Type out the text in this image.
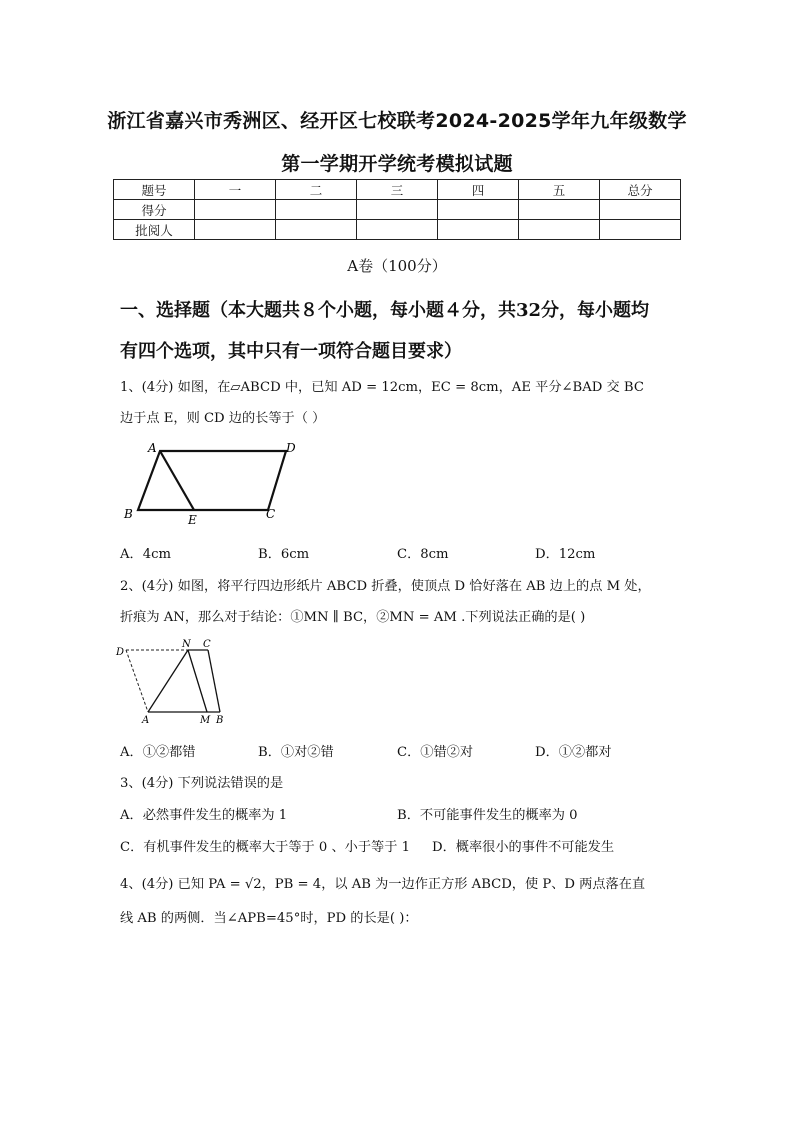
浙江省嘉兴市秀洲区、经开区七校联考2024-2025学年九年级数学
第一学期开学统考模拟试题
题号	一	二	三	四	五	总分
得分						
批阅人						
A卷（100分）
一、选择题（本大题共８个小题，每小题４分，共32分，每小题均
有四个选项，其中只有一项符合题目要求）
1、(4分) 如图，在▱ABCD 中，已知 AD = 12cm，EC = 8cm，AE 平分∠BAD 交 BC
边于点 E，则 CD 边的长等于（ ）
A	D
B	E	C
A．4cm	B．6cm	C．8cm	D．12cm
2、(4分) 如图，将平行四边形纸片 ABCD 折叠，使顶点 D 恰好落在 AB 边上的点 M 处，
折痕为 AN，那么对于结论：①MN ∥ BC，②MN = AM .下列说法正确的是( )
D
N C
A	M B
A．①②都错	B．①对②错	C．①错②对	D．①②都对
3、(4分) 下列说法错误的是
A．必然事件发生的概率为 1	B．不可能事件发生的概率为 0
C．有机事件发生的概率大于等于 0 、小于等于 1 D．概率很小的事件不可能发生
4、(4分) 已知 PA = √2，PB = 4，以 AB 为一边作正方形 ABCD，使 P、D 两点落在直
线 AB 的两侧．当∠APB=45°时，PD 的长是( )：
